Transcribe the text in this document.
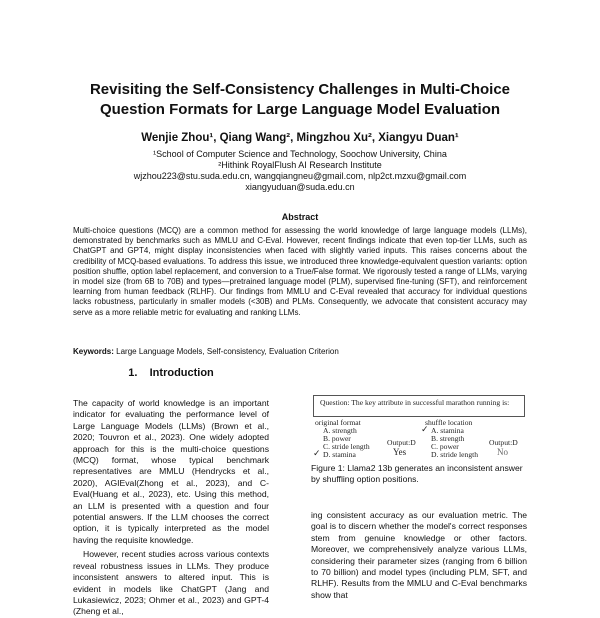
Revisiting the Self-Consistency Challenges in Multi-Choice
Question Formats for Large Language Model Evaluation
Wenjie Zhou¹, Qiang Wang², Mingzhou Xu², Xiangyu Duan¹
¹School of Computer Science and Technology, Soochow University, China
²Hithink RoyalFlush AI Research Institute
wjzhou223@stu.suda.edu.cn, wangqiangneu@gmail.com, nlp2ct.mzxu@gmail.com
xiangyuduan@suda.edu.cn
Abstract
Multi-choice questions (MCQ) are a common method for assessing the world knowledge of large language models (LLMs), demonstrated by benchmarks such as MMLU and C-Eval. However, recent findings indicate that even top-tier LLMs, such as ChatGPT and GPT4, might display inconsistencies when faced with slightly varied inputs. This raises concerns about the credibility of MCQ-based evaluations. To address this issue, we introduced three knowledge-equivalent question variants: option position shuffle, option label replacement, and conversion to a True/False format. We rigorously tested a range of LLMs, varying in model size (from 6B to 70B) and types—pretrained language model (PLM), supervised fine-tuning (SFT), and reinforcement learning from human feedback (RLHF). Our findings from MMLU and C-Eval revealed that accuracy for individual questions lacks robustness, particularly in smaller models (<30B) and PLMs. Consequently, we advocate that consistent accuracy may serve as a more reliable metric for evaluating and ranking LLMs.
Keywords: Large Language Models, Self-consistency, Evaluation Criterion
1. Introduction

The capacity of world knowledge is an important indicator for evaluating the performance level of Large Language Models (LLMs) (Brown et al., 2020; Touvron et al., 2023). One widely adopted approach for this is the multi-choice questions (MCQ) format, whose typical benchmark representatives are MMLU (Hendrycks et al., 2020), AGIEval(Zhong et al., 2023), and C-Eval(Huang et al., 2023), etc. Using this method, an LLM is presented with a question and four potential answers. If the LLM chooses the correct option, it is typically interpreted as the model having the requisite knowledge.

However, recent studies across various contexts reveal robustness issues in LLMs. They produce inconsistent answers to altered input. This is evident in models like ChatGPT (Jang and Lukasiewicz, 2023; Ohmer et al., 2023) and GPT-4 (Zheng et al.,

Question: The key attribute in successful marathon running is:
original format
A. strength
B. power
C. stride length
D. stamina
✓
Output:D
Yes
shuffle location
A. stamina
B. strength
C. power
D. stride length
✓
Output:D
No
Figure 1: Llama2 13b generates an inconsistent answer by shuffling option positions.
ing consistent accuracy as our evaluation metric. The goal is to discern whether the model's correct responses stem from genuine knowledge or other factors. Moreover, we comprehensively analyze various LLMs, considering their parameter sizes (ranging from 6 billion to 70 billion) and model types (including PLM, SFT, and RLHF). Results from the MMLU and C-Eval benchmarks show that
